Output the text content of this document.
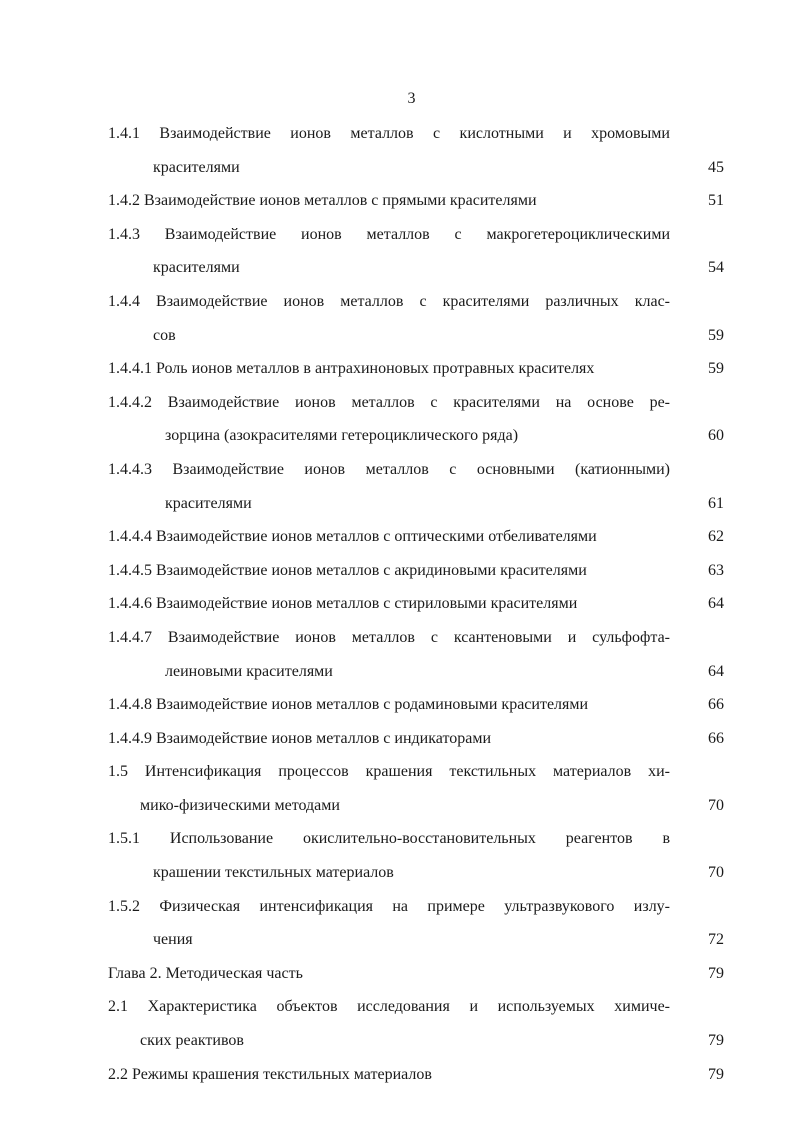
3
1.4.1 Взаимодействие ионов металлов с кислотными и хромовыми
красителями	45
1.4.2 Взаимодействие ионов металлов с прямыми красителями	51
1.4.3 Взаимодействие ионов металлов с макрогетероциклическими
красителями	54
1.4.4 Взаимодействие ионов металлов с красителями различных клас-
сов	59
1.4.4.1 Роль ионов металлов в антрахиноновых протравных красителях	59
1.4.4.2 Взаимодействие ионов металлов с красителями на основе ре-
зорцина (азокрасителями гетероциклического ряда)	60
1.4.4.3 Взаимодействие ионов металлов с основными (катионными)
красителями	61
1.4.4.4 Взаимодействие ионов металлов с оптическими отбеливателями	62
1.4.4.5 Взаимодействие ионов металлов с акридиновыми красителями	63
1.4.4.6 Взаимодействие ионов металлов с стириловыми красителями	64
1.4.4.7 Взаимодействие ионов металлов с ксантеновыми и сульфофта-
леиновыми красителями	64
1.4.4.8 Взаимодействие ионов металлов с родаминовыми красителями	66
1.4.4.9 Взаимодействие ионов металлов с индикаторами	66
1.5 Интенсификация процессов крашения текстильных материалов хи-
мико-физическими методами	70
1.5.1 Использование окислительно-восстановительных реагентов в
крашении текстильных материалов	70
1.5.2 Физическая интенсификация на примере ультразвукового излу-
чения	72
Глава 2. Методическая часть	79
2.1 Характеристика объектов исследования и используемых химиче-
ских реактивов	79
2.2 Режимы крашения текстильных материалов	79
